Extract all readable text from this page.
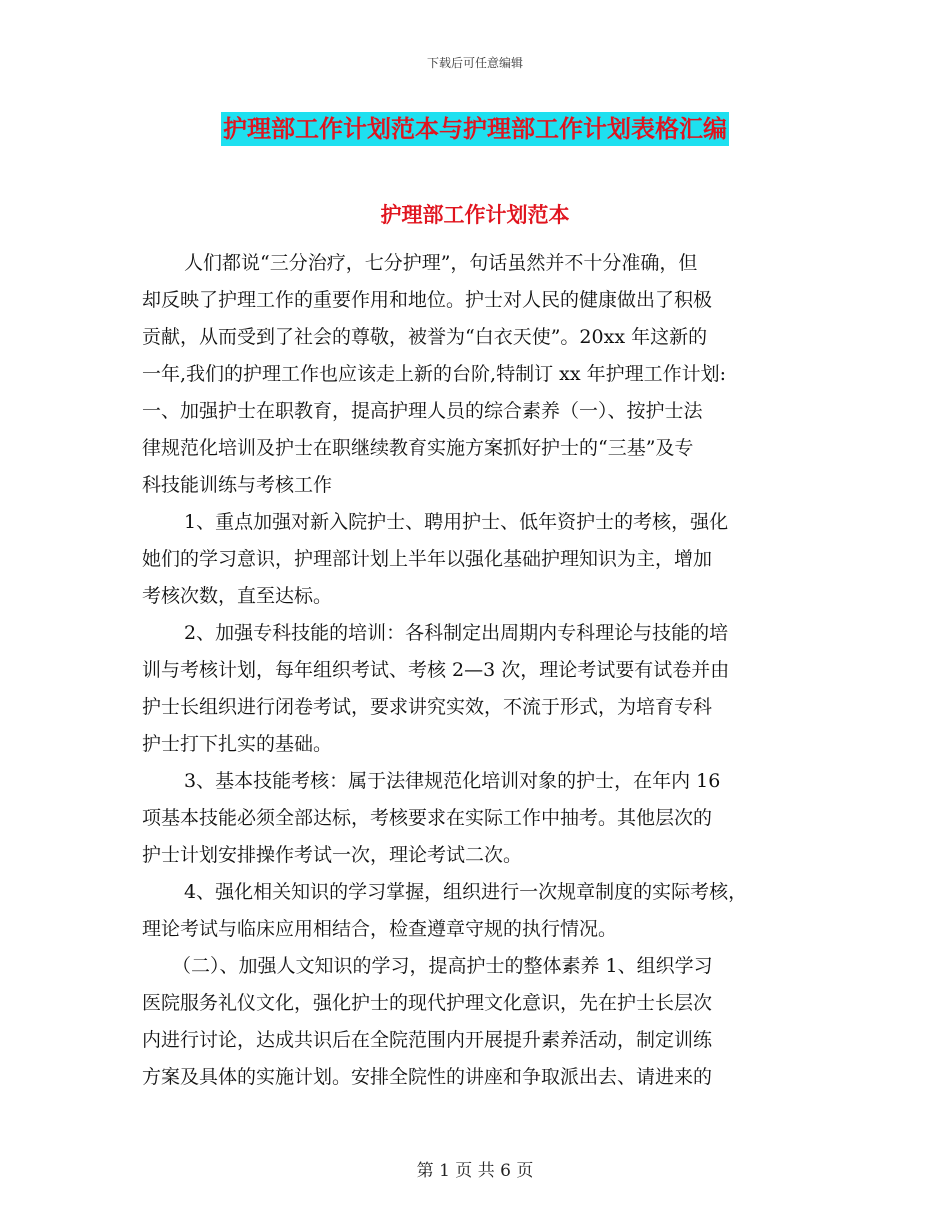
下载后可任意编辑
护理部工作计划范本与护理部工作计划表格汇编
护理部工作计划范本
人们都说“三分治疗，七分护理”，句话虽然并不十分准确，但
却反映了护理工作的重要作用和地位。护士对人民的健康做出了积极
贡献，从而受到了社会的尊敬，被誉为“白衣天使”。20xx 年这新的
一年,我们的护理工作也应该走上新的台阶,特制订 xx 年护理工作计划:
一、加强护士在职教育，提高护理人员的综合素养（一）、按护士法
律规范化培训及护士在职继续教育实施方案抓好护士的“三基”及专
科技能训练与考核工作
1、重点加强对新入院护士、聘用护士、低年资护士的考核，强化
她们的学习意识，护理部计划上半年以强化基础护理知识为主，增加
考核次数，直至达标。
2、加强专科技能的培训：各科制定出周期内专科理论与技能的培
训与考核计划，每年组织考试、考核 2—3 次，理论考试要有试卷并由
护士长组织进行闭卷考试，要求讲究实效，不流于形式，为培育专科
护士打下扎实的基础。
3、基本技能考核：属于法律规范化培训对象的护士，在年内 16
项基本技能必须全部达标，考核要求在实际工作中抽考。其他层次的
护士计划安排操作考试一次，理论考试二次。
4、强化相关知识的学习掌握，组织进行一次规章制度的实际考核，
理论考试与临床应用相结合，检查遵章守规的执行情况。
（二）、加强人文知识的学习，提高护士的整体素养 1、组织学习
医院服务礼仪文化，强化护士的现代护理文化意识，先在护士长层次
内进行讨论，达成共识后在全院范围内开展提升素养活动，制定训练
方案及具体的实施计划。安排全院性的讲座和争取派出去、请进来的
第 1 页 共 6 页
